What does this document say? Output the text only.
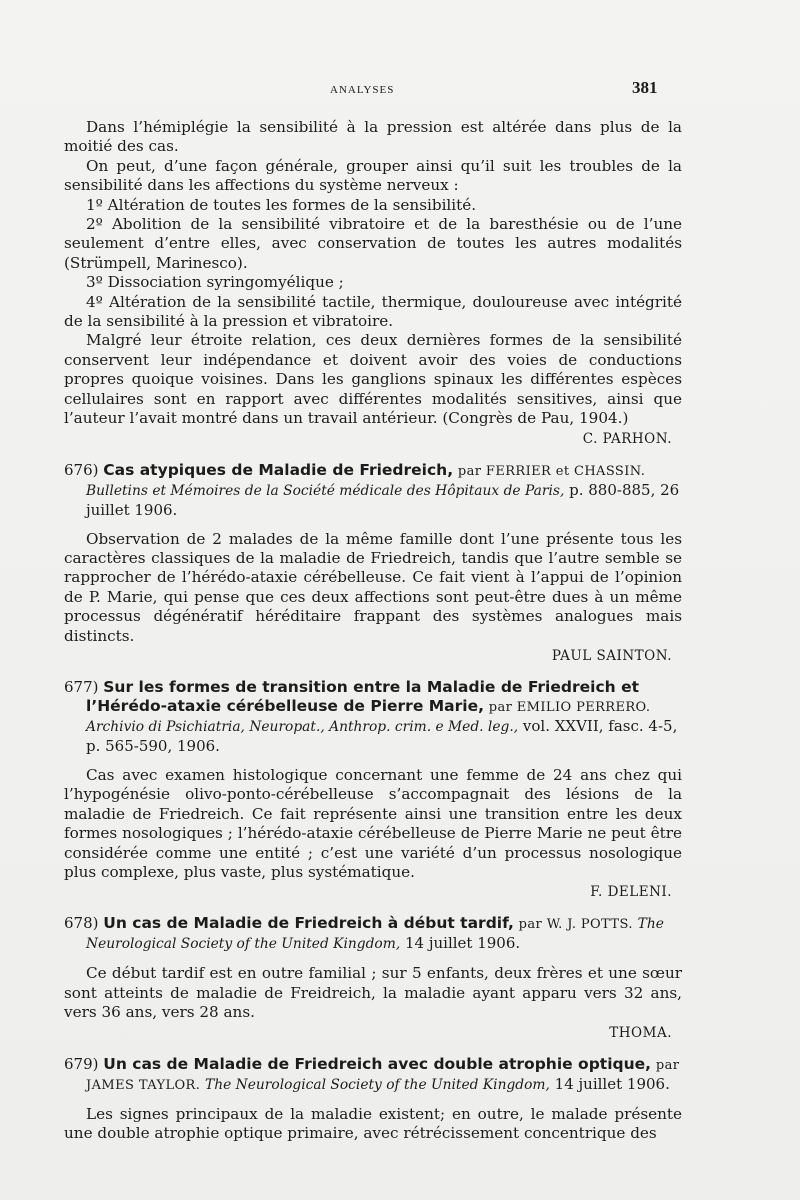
ANALYSES	381

Dans l’hémiplégie la sensibilité à la pression est altérée dans plus de la moitié des cas.

On peut, d’une façon générale, grouper ainsi qu’il suit les troubles de la sensibilité dans les affections du système nerveux :

1º Altération de toutes les formes de la sensibilité.

2º Abolition de la sensibilité vibratoire et de la baresthésie ou de l’une seulement d’entre elles, avec conservation de toutes les autres modalités (Strümpell, Marinesco).

3º Dissociation syringomyélique ;

4º Altération de la sensibilité tactile, thermique, douloureuse avec intégrité de la sensibilité à la pression et vibratoire.

Malgré leur étroite relation, ces deux dernières formes de la sensibilité conservent leur indépendance et doivent avoir des voies de conductions propres quoique voisines. Dans les ganglions spinaux les différentes espèces cellulaires sont en rapport avec différentes modalités sensitives, ainsi que l’auteur l’avait montré dans un travail antérieur. (Congrès de Pau, 1904.)

C. PARHON.

676) Cas atypiques de Maladie de Friedreich, par FERRIER et CHASSIN. Bulletins et Mémoires de la Société médicale des Hôpitaux de Paris, p. 880-885, 26 juillet 1906.

Observation de 2 malades de la même famille dont l’une présente tous les caractères classiques de la maladie de Friedreich, tandis que l’autre semble se rapprocher de l’hérédo-ataxie cérébelleuse. Ce fait vient à l’appui de l’opinion de P. Marie, qui pense que ces deux affections sont peut-être dues à un même processus dégénératif héréditaire frappant des systèmes analogues mais distincts.

PAUL SAINTON.

677) Sur les formes de transition entre la Maladie de Friedreich et l’Hérédo-ataxie cérébelleuse de Pierre Marie, par EMILIO PERRERO. Archivio di Psichiatria, Neuropat., Anthrop. crim. e Med. leg., vol. XXVII, fasc. 4-5, p. 565-590, 1906.

Cas avec examen histologique concernant une femme de 24 ans chez qui l’hypogénésie olivo-ponto-cérébelleuse s’accompagnait des lésions de la maladie de Friedreich. Ce fait représente ainsi une transition entre les deux formes nosologiques ; l’hérédo-ataxie cérébelleuse de Pierre Marie ne peut être considérée comme une entité ; c’est une variété d’un processus nosologique plus complexe, plus vaste, plus systématique.

F. DELENI.

678) Un cas de Maladie de Friedreich à début tardif, par W. J. POTTS. The Neurological Society of the United Kingdom, 14 juillet 1906.

Ce début tardif est en outre familial ; sur 5 enfants, deux frères et une sœur sont atteints de maladie de Freidreich, la maladie ayant apparu vers 32 ans, vers 36 ans, vers 28 ans.

THOMA.

679) Un cas de Maladie de Friedreich avec double atrophie optique, par JAMES TAYLOR. The Neurological Society of the United Kingdom, 14 juillet 1906.

Les signes principaux de la maladie existent; en outre, le malade présente une double atrophie optique primaire, avec rétrécissement concentrique des
